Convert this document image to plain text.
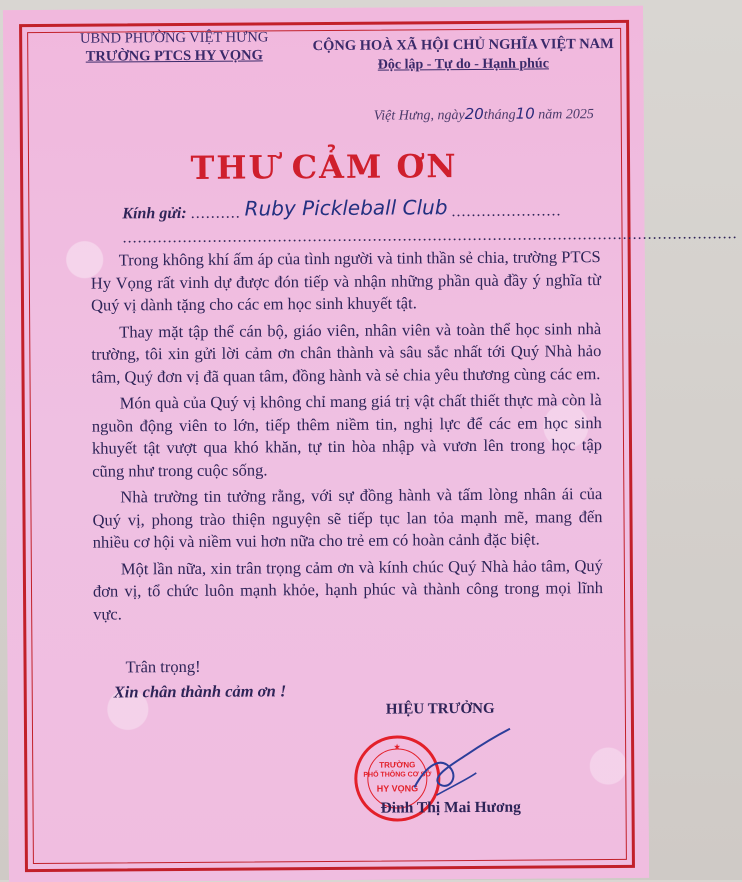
UBND PHƯỜNG VIỆT HƯNG
TRƯỜNG PTCS HY VỌNG
CỘNG HOÀ XÃ HỘI CHỦ NGHĨA VIỆT NAM
Độc lập - Tự do - Hạnh phúc
Việt Hưng, ngày20tháng10 năm 2025
THƯ CẢM ƠN
Kính gửi: .......... Ruby Pickleball Club ......................
...........................................................................................................................

Trong không khí ấm áp của tình người và tinh thần sẻ chia, trường PTCS Hy Vọng rất vinh dự được đón tiếp và nhận những phần quà đầy ý nghĩa từ Quý vị dành tặng cho các em học sinh khuyết tật.

Thay mặt tập thể cán bộ, giáo viên, nhân viên và toàn thể học sinh nhà trường, tôi xin gửi lời cảm ơn chân thành và sâu sắc nhất tới Quý Nhà hảo tâm, Quý đơn vị đã quan tâm, đồng hành và sẻ chia yêu thương cùng các em.

Món quà của Quý vị không chỉ mang giá trị vật chất thiết thực mà còn là nguồn động viên to lớn, tiếp thêm niềm tin, nghị lực để các em học sinh khuyết tật vượt qua khó khăn, tự tin hòa nhập và vươn lên trong học tập cũng như trong cuộc sống.

Nhà trường tin tưởng rằng, với sự đồng hành và tấm lòng nhân ái của Quý vị, phong trào thiện nguyện sẽ tiếp tục lan tỏa mạnh mẽ, mang đến nhiều cơ hội và niềm vui hơn nữa cho trẻ em có hoàn cảnh đặc biệt.

Một lần nữa, xin trân trọng cảm ơn và kính chúc Quý Nhà hảo tâm, Quý đơn vị, tổ chức luôn mạnh khỏe, hạnh phúc và thành công trong mọi lĩnh vực.

Trân trọng!
Xin chân thành cảm ơn !
HIỆU TRƯỞNG
★
TRƯỜNG
PHỔ THÔNG CƠ SỞ
HY VỌNG
Đinh Thị Mai Hương
